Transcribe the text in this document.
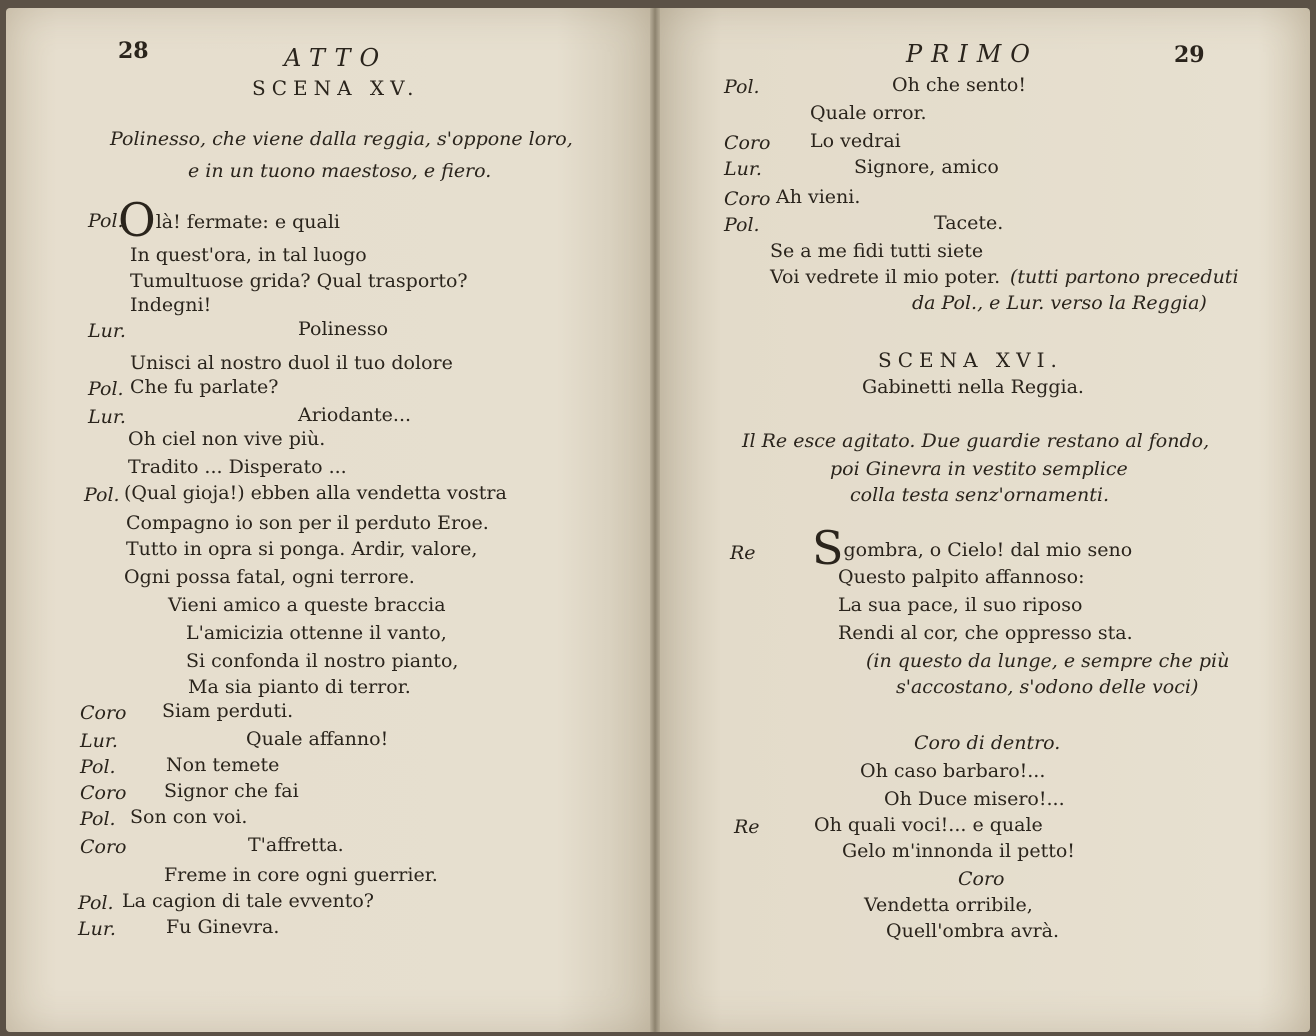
28	ATTO
SCENA XV.
Polinesso, che viene dalla reggia, s'oppone loro,
e in un tuono maestoso, e fiero.
Pol.
Olà! fermate: e quali
In quest'ora, in tal luogo
Tumultuose grida? Qual trasporto?
Indegni!
Lur.	Polinesso
Unisci al nostro duol il tuo dolore
Pol. Che fu parlate?
Lur.	Ariodante...
Oh ciel non vive più.
Tradito ... Disperato ...
Pol. (Qual gioja!) ebben alla vendetta vostra
Compagno io son per il perduto Eroe.
Tutto in opra si ponga. Ardir, valore,
Ogni possa fatal, ogni terrore.
Vieni amico a queste braccia
L'amicizia ottenne il vanto,
Si confonda il nostro pianto,
Ma sia pianto di terror.
Coro Siam perduti.
Lur.	Quale affanno!
Pol.	Non temete
Coro Signor che fai
Pol. Son con voi.
Coro	T'affretta.
Freme in core ogni guerrier.
Pol. La cagion di tale evvento?
Lur.	Fu Ginevra.
PRIMO	29
Pol.	Oh che sento!
Quale orror.
Coro Lo vedrai
Lur.	Signore, amico
Coro Ah vieni.
Pol.	Tacete.
Se a me fidi tutti siete
Voi vedrete il mio poter. (tutti partono preceduti
da Pol., e Lur. verso la Reggia)
SCENA XVI.
Gabinetti nella Reggia.
Il Re esce agitato. Due guardie restano al fondo,
poi Ginevra in vestito semplice
colla testa senz'ornamenti.
Re Sgombra, o Cielo! dal mio seno
Questo palpito affannoso:
La sua pace, il suo riposo
Rendi al cor, che oppresso sta.
(in questo da lunge, e sempre che più
s'accostano, s'odono delle voci)
Coro di dentro.
Oh caso barbaro!...
Oh Duce misero!...
Re	Oh quali voci!... e quale
Gelo m'innonda il petto!
Coro
Vendetta orribile,
Quell'ombra avrà.
